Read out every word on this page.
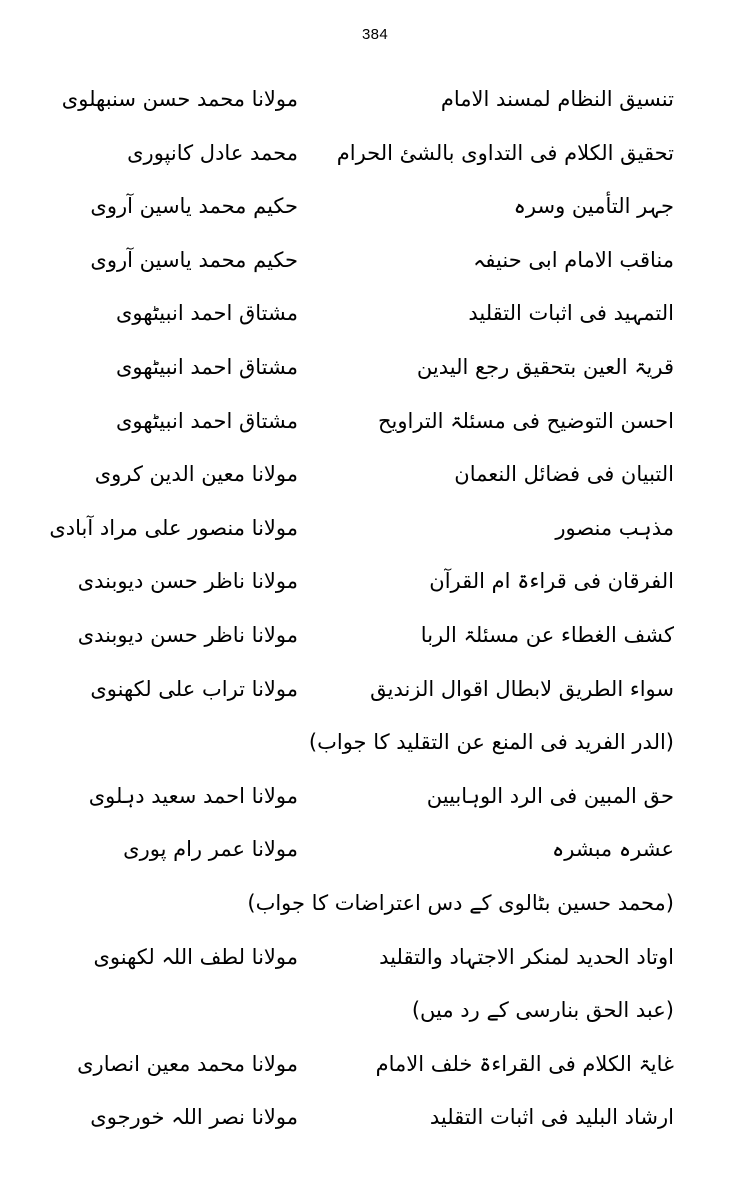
384
تنسیق النظام لمسند الامام
مولانا محمد حسن سنبھلوی
تحقیق الکلام فی التداوی بالشئ الحرام
محمد عادل کانپوری
جہر التأمین وسرہ
حکیم محمد یاسین آروی
مناقب الامام ابی حنیفہ
حکیم محمد یاسین آروی
التمہید فی اثبات التقلید
مشتاق احمد انبیٹھوی
قریۃ العین بتحقیق رجع الیدین
مشتاق احمد انبیٹھوی
احسن التوضیح فی مسئلۃ التراویح
مشتاق احمد انبیٹھوی
التبیان فی فضائل النعمان
مولانا معین الدین کروی
مذہب منصور
مولانا منصور علی مراد آبادی
الفرقان فی قراءۃ ام القرآن
مولانا ناظر حسن دیوبندی
کشف الغطاء عن مسئلۃ الربا
مولانا ناظر حسن دیوبندی
سواء الطریق لابطال اقوال الزندیق
مولانا تراب علی لکھنوی
(الدر الفرید فی المنع عن التقلید کا جواب)
حق المبین فی الرد الوہابیین
مولانا احمد سعید دہلوی
عشرہ مبشرہ
مولانا عمر رام پوری
(محمد حسین بٹالوی کے دس اعتراضات کا جواب)
اوتاد الحدید لمنکر الاجتہاد والتقلید
مولانا لطف اللہ لکھنوی
(عبد الحق بنارسی کے رد میں)
غایۃ الکلام فی القراءۃ خلف الامام
مولانا محمد معین انصاری
ارشاد البلید فی اثبات التقلید
مولانا نصر اللہ خورجوی
